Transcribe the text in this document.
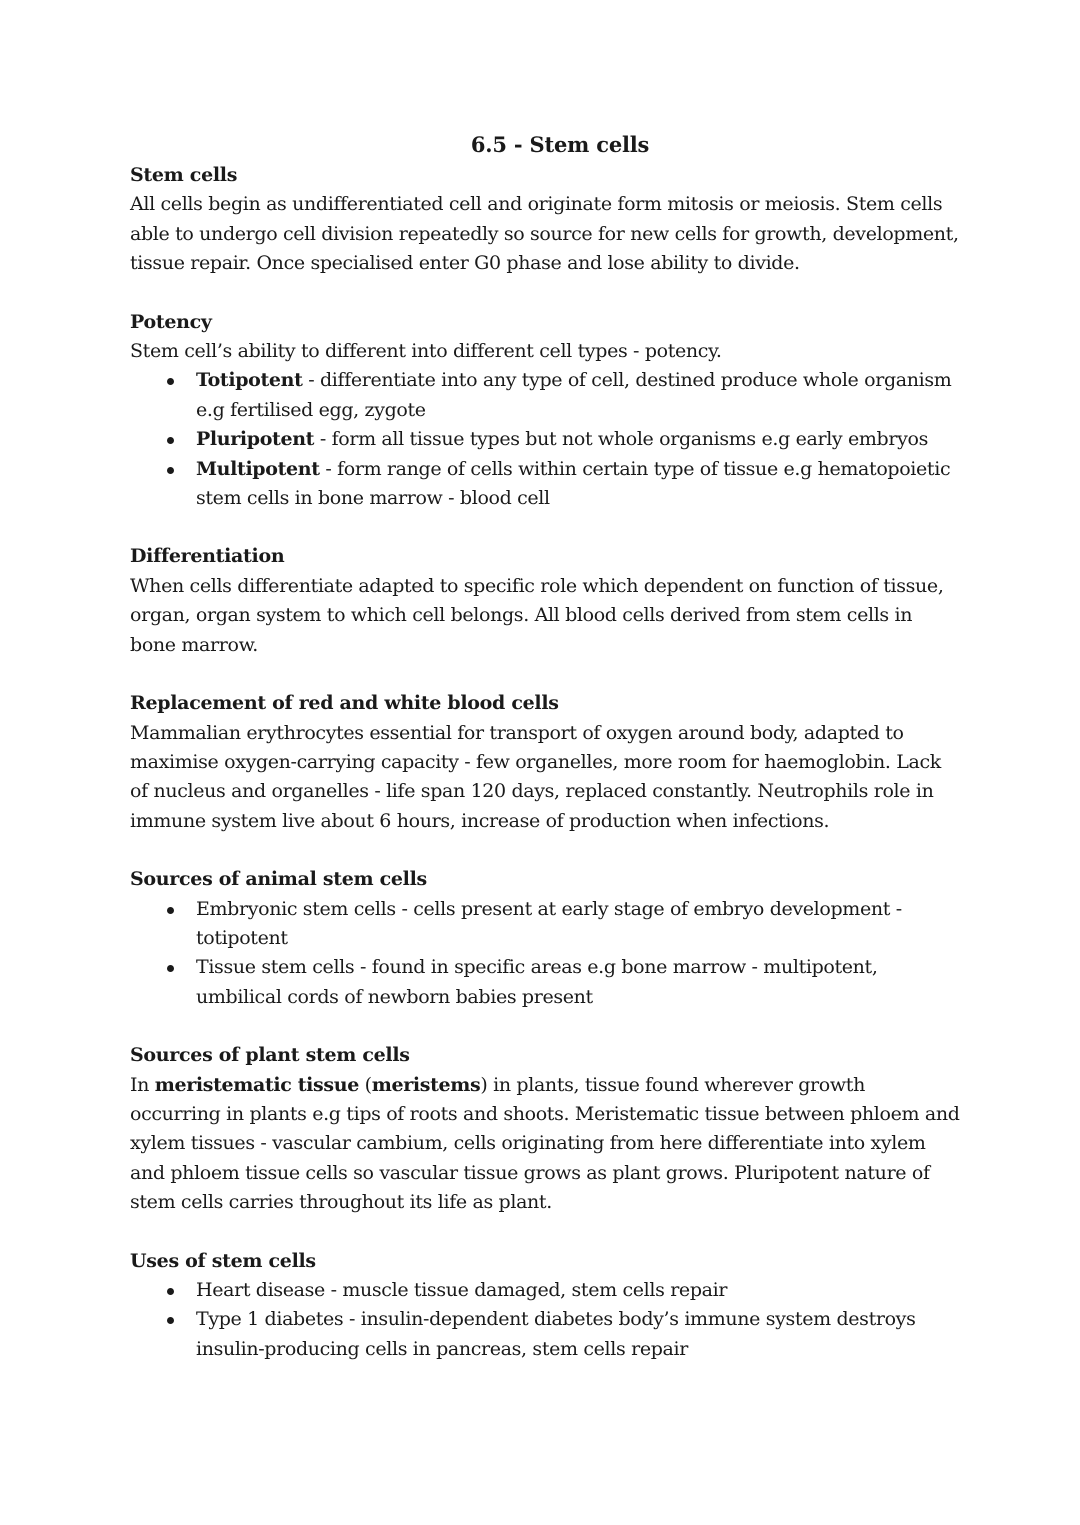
6.5 - Stem cells

Stem cells

All cells begin as undifferentiated cell and originate form mitosis or meiosis. Stem cells able to undergo cell division repeatedly so source for new cells for growth, development, tissue repair. Once specialised enter G0 phase and lose ability to divide.

Potency

Stem cell’s ability to different into different cell types - potency.

Totipotent - differentiate into any type of cell, destined produce whole organism e.g fertilised egg, zygote
Pluripotent - form all tissue types but not whole organisms e.g early embryos
Multipotent - form range of cells within certain type of tissue e.g hematopoietic stem cells in bone marrow - blood cell

Differentiation

When cells differentiate adapted to specific role which dependent on function of tissue, organ, organ system to which cell belongs. All blood cells derived from stem cells in bone marrow.

Replacement of red and white blood cells

Mammalian erythrocytes essential for transport of oxygen around body, adapted to maximise oxygen-carrying capacity - few organelles, more room for haemoglobin. Lack of nucleus and organelles - life span 120 days, replaced constantly. Neutrophils role in immune system live about 6 hours, increase of production when infections.

Sources of animal stem cells

Embryonic stem cells - cells present at early stage of embryo development - totipotent
Tissue stem cells - found in specific areas e.g bone marrow - multipotent, umbilical cords of newborn babies present

Sources of plant stem cells

In meristematic tissue (meristems) in plants, tissue found wherever growth occurring in plants e.g tips of roots and shoots. Meristematic tissue between phloem and xylem tissues - vascular cambium, cells originating from here differentiate into xylem and phloem tissue cells so vascular tissue grows as plant grows. Pluripotent nature of stem cells carries throughout its life as plant.

Uses of stem cells

Heart disease - muscle tissue damaged, stem cells repair
Type 1 diabetes - insulin-dependent diabetes body’s immune system destroys insulin-producing cells in pancreas, stem cells repair
